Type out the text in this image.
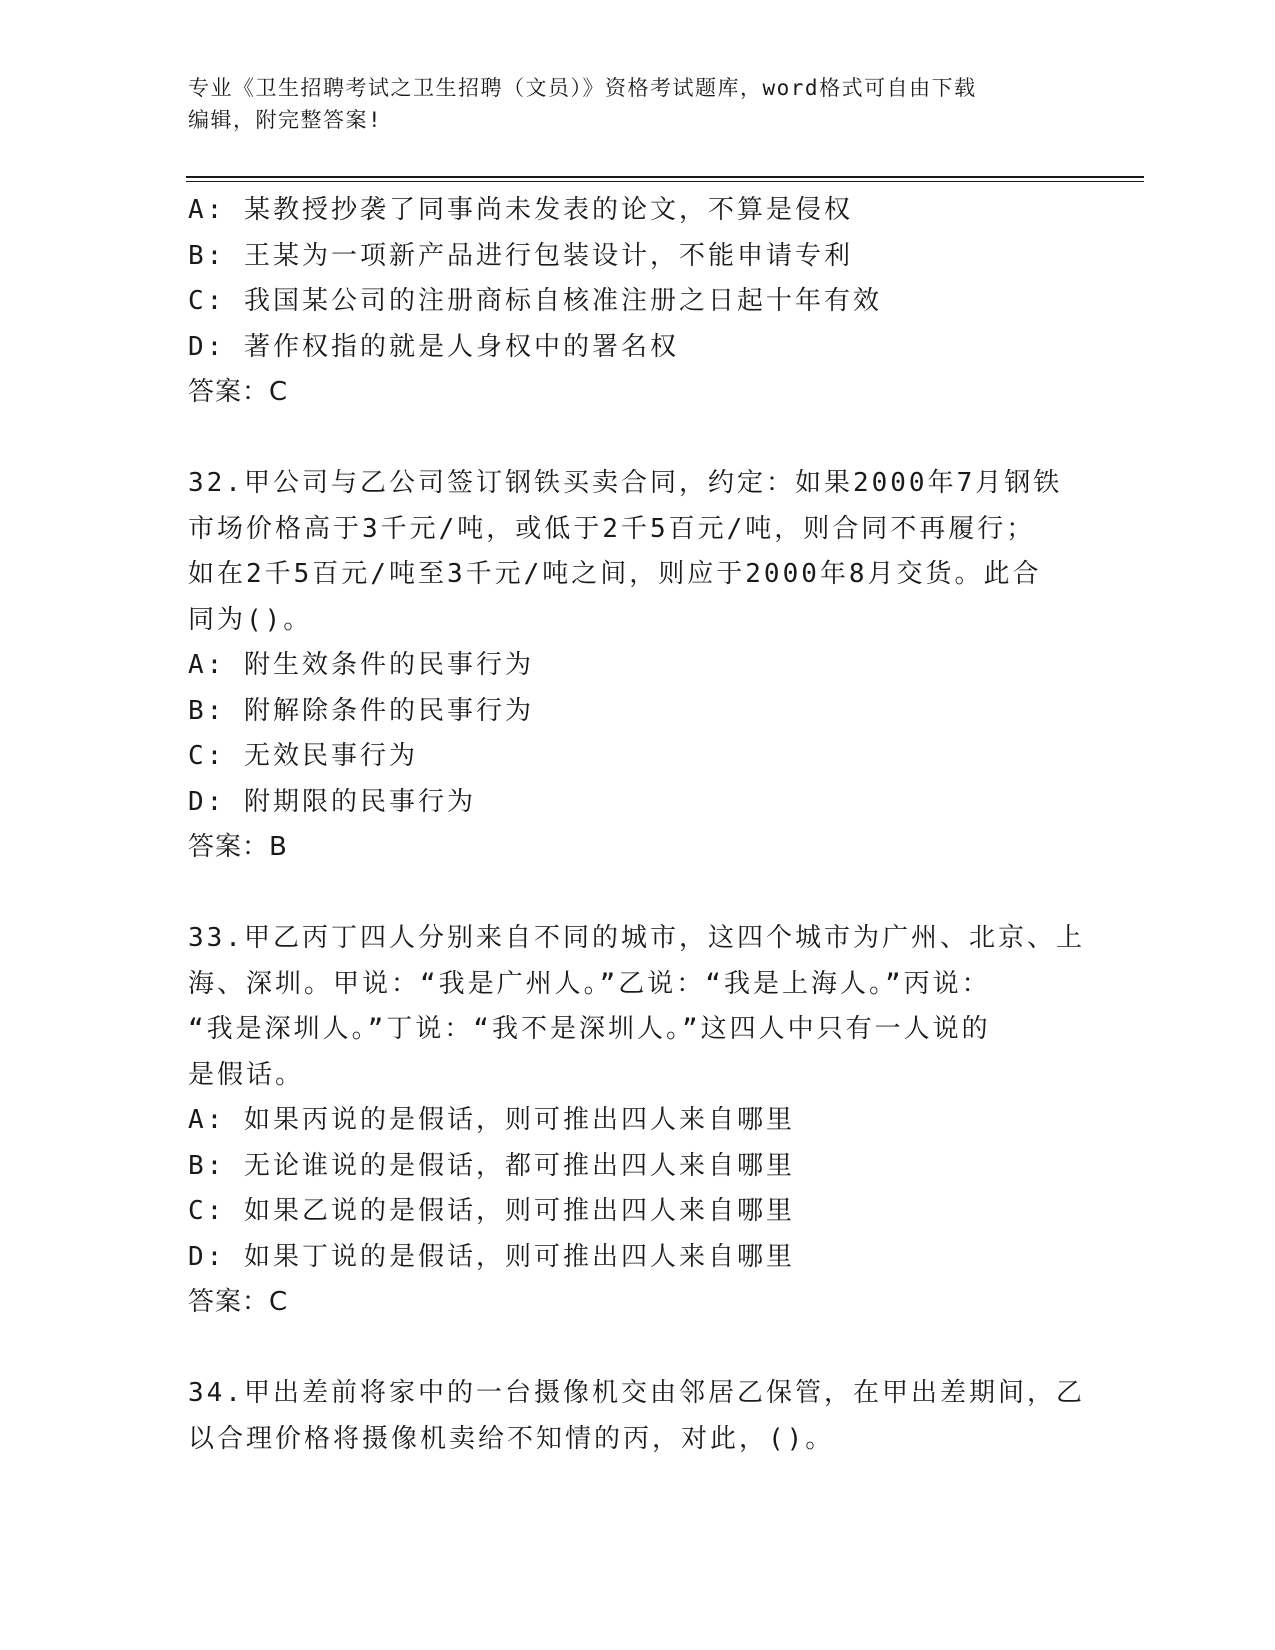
专业《卫生招聘考试之卫生招聘（文员）》资格考试题库，word格式可自由下载
编辑，附完整答案!
A: 某教授抄袭了同事尚未发表的论文，不算是侵权
B: 王某为一项新产品进行包装设计，不能申请专利
C: 我国某公司的注册商标自核准注册之日起十年有效
D: 著作权指的就是人身权中的署名权
答案：C
32.甲公司与乙公司签订钢铁买卖合同，约定：如果2000年7月钢铁
市场价格高于3千元/吨，或低于2千5百元/吨，则合同不再履行；
如在2千5百元/吨至3千元/吨之间，则应于2000年8月交货。此合
同为()。
A: 附生效条件的民事行为
B: 附解除条件的民事行为
C: 无效民事行为
D: 附期限的民事行为
答案：B
33.甲乙丙丁四人分别来自不同的城市，这四个城市为广州、北京、上
海、深圳。甲说：“我是广州人。”乙说：“我是上海人。”丙说：
“我是深圳人。”丁说：“我不是深圳人。”这四人中只有一人说的
是假话。
A: 如果丙说的是假话，则可推出四人来自哪里
B: 无论谁说的是假话，都可推出四人来自哪里
C: 如果乙说的是假话，则可推出四人来自哪里
D: 如果丁说的是假话，则可推出四人来自哪里
答案：C
34.甲出差前将家中的一台摄像机交由邻居乙保管，在甲出差期间，乙
以合理价格将摄像机卖给不知情的丙，对此，()。
